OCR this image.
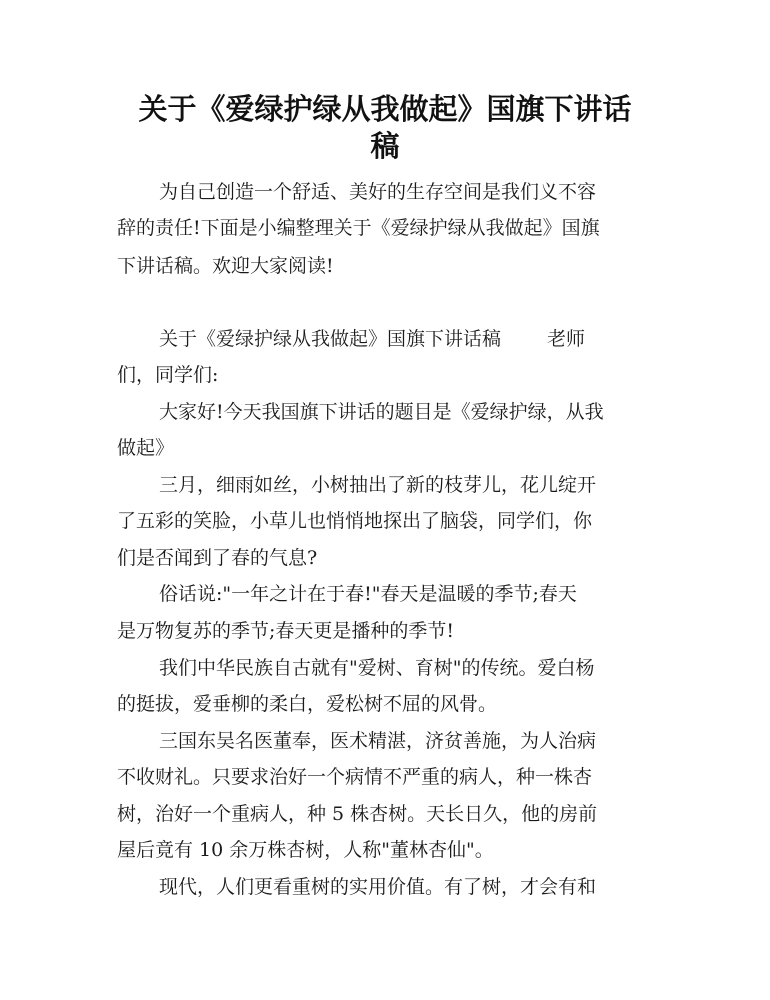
关于《爱绿护绿从我做起》国旗下讲话
稿
为自己创造一个舒适、美好的生存空间是我们义不容
辞的责任!下面是小编整理关于《爱绿护绿从我做起》国旗
下讲话稿。欢迎大家阅读!
关于《爱绿护绿从我做起》国旗下讲话稿 老师
们，同学们:
大家好!今天我国旗下讲话的题目是《爱绿护绿，从我
做起》
三月，细雨如丝，小树抽出了新的枝芽儿，花儿绽开
了五彩的笑脸，小草儿也悄悄地探出了脑袋，同学们，你
们是否闻到了春的气息?
俗话说:"一年之计在于春!"春天是温暖的季节;春天
是万物复苏的季节;春天更是播种的季节!
我们中华民族自古就有"爱树、育树"的传统。爱白杨
的挺拔，爱垂柳的柔白，爱松树不屈的风骨。
三国东吴名医董奉，医术精湛，济贫善施，为人治病
不收财礼。只要求治好一个病情不严重的病人，种一株杏
树，治好一个重病人，种 5 株杏树。天长日久，他的房前
屋后竟有 10 余万株杏树，人称"董林杏仙"。
现代，人们更看重树的实用价值。有了树，才会有和
